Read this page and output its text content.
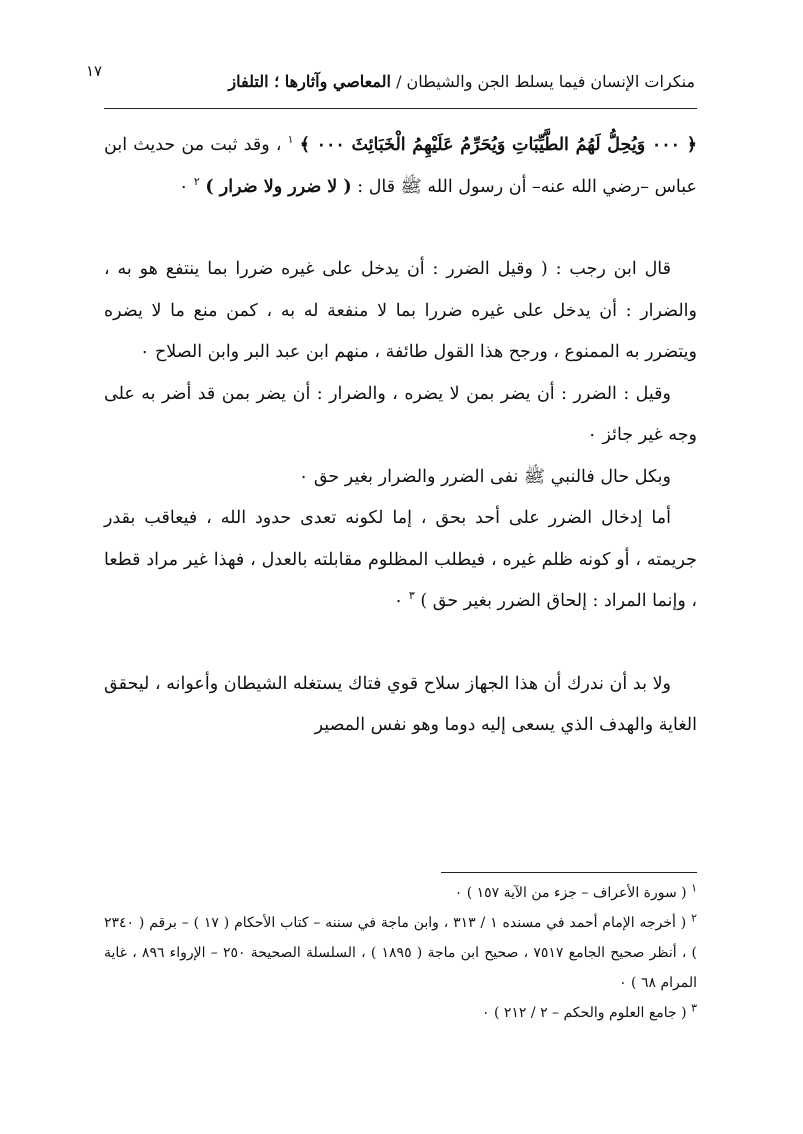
١٧
منكرات الإنسان فيما يسلط الجن والشيطان / المعاصي وآثارها ؛ التلفاز

﴿ ٠٠٠ وَيُحِلُّ لَهُمُ الطَّيِّبَاتِ وَيُحَرِّمُ عَلَيْهِمُ الْخَبَائِثَ ٠٠٠ ﴾ $^١$ ، وقد ثبت من حديث ابن عباس –رضي الله عنه– أن رسول الله ﷺ قال : ( لا ضرر ولا ضرار ) $^٢$ ٠

قال ابن رجب : ( وقيل الضرر : أن يدخل على غيره ضررا بما ينتفع هو به ، والضرار : أن يدخل على غيره ضررا بما لا منفعة له به ، كمن منع ما لا يضره ويتضرر به الممنوع ، ورجح هذا القول طائفة ، منهم ابن عبد البر وابن الصلاح ٠

وقيل : الضرر : أن يضر بمن لا يضره ، والضرار : أن يضر بمن قد أضر به على وجه غير جائز ٠

وبكل حال فالنبي ﷺ نفى الضرر والضرار بغير حق ٠

أما إدخال الضرر على أحد بحق ، إما لكونه تعدى حدود الله ، فيعاقب بقدر جريمته ، أو كونه ظلم غيره ، فيطلب المظلوم مقابلته بالعدل ، فهذا غير مراد قطعا ، وإنما المراد : إلحاق الضرر بغير حق ) $^٣$ ٠

ولا بد أن ندرك أن هذا الجهاز سلاح قوي فتاك يستغله الشيطان وأعوانه ، ليحقق الغاية والهدف الذي يسعى إليه دوما وهو نفس المصير

$^١$ ( سورة الأعراف – جزء من الآية ١٥٧ ) ٠

$^٢$ ( أخرجه الإمام أحمد في مسنده ١ / ٣١٣ ، وابن ماجة في سننه – كتاب الأحكام ( ١٧ ) – برقم ( ٢٣٤٠ ) ، أنظر صحيح الجامع ٧٥١٧ ، صحيح ابن ماجة ( ١٨٩٥ ) ، السلسلة الصحيحة ٢٥٠ – الإرواء ٨٩٦ ، غاية المرام ٦٨ ) ٠

$^٣$ ( جامع العلوم والحكم – ٢ / ٢١٢ ) ٠
